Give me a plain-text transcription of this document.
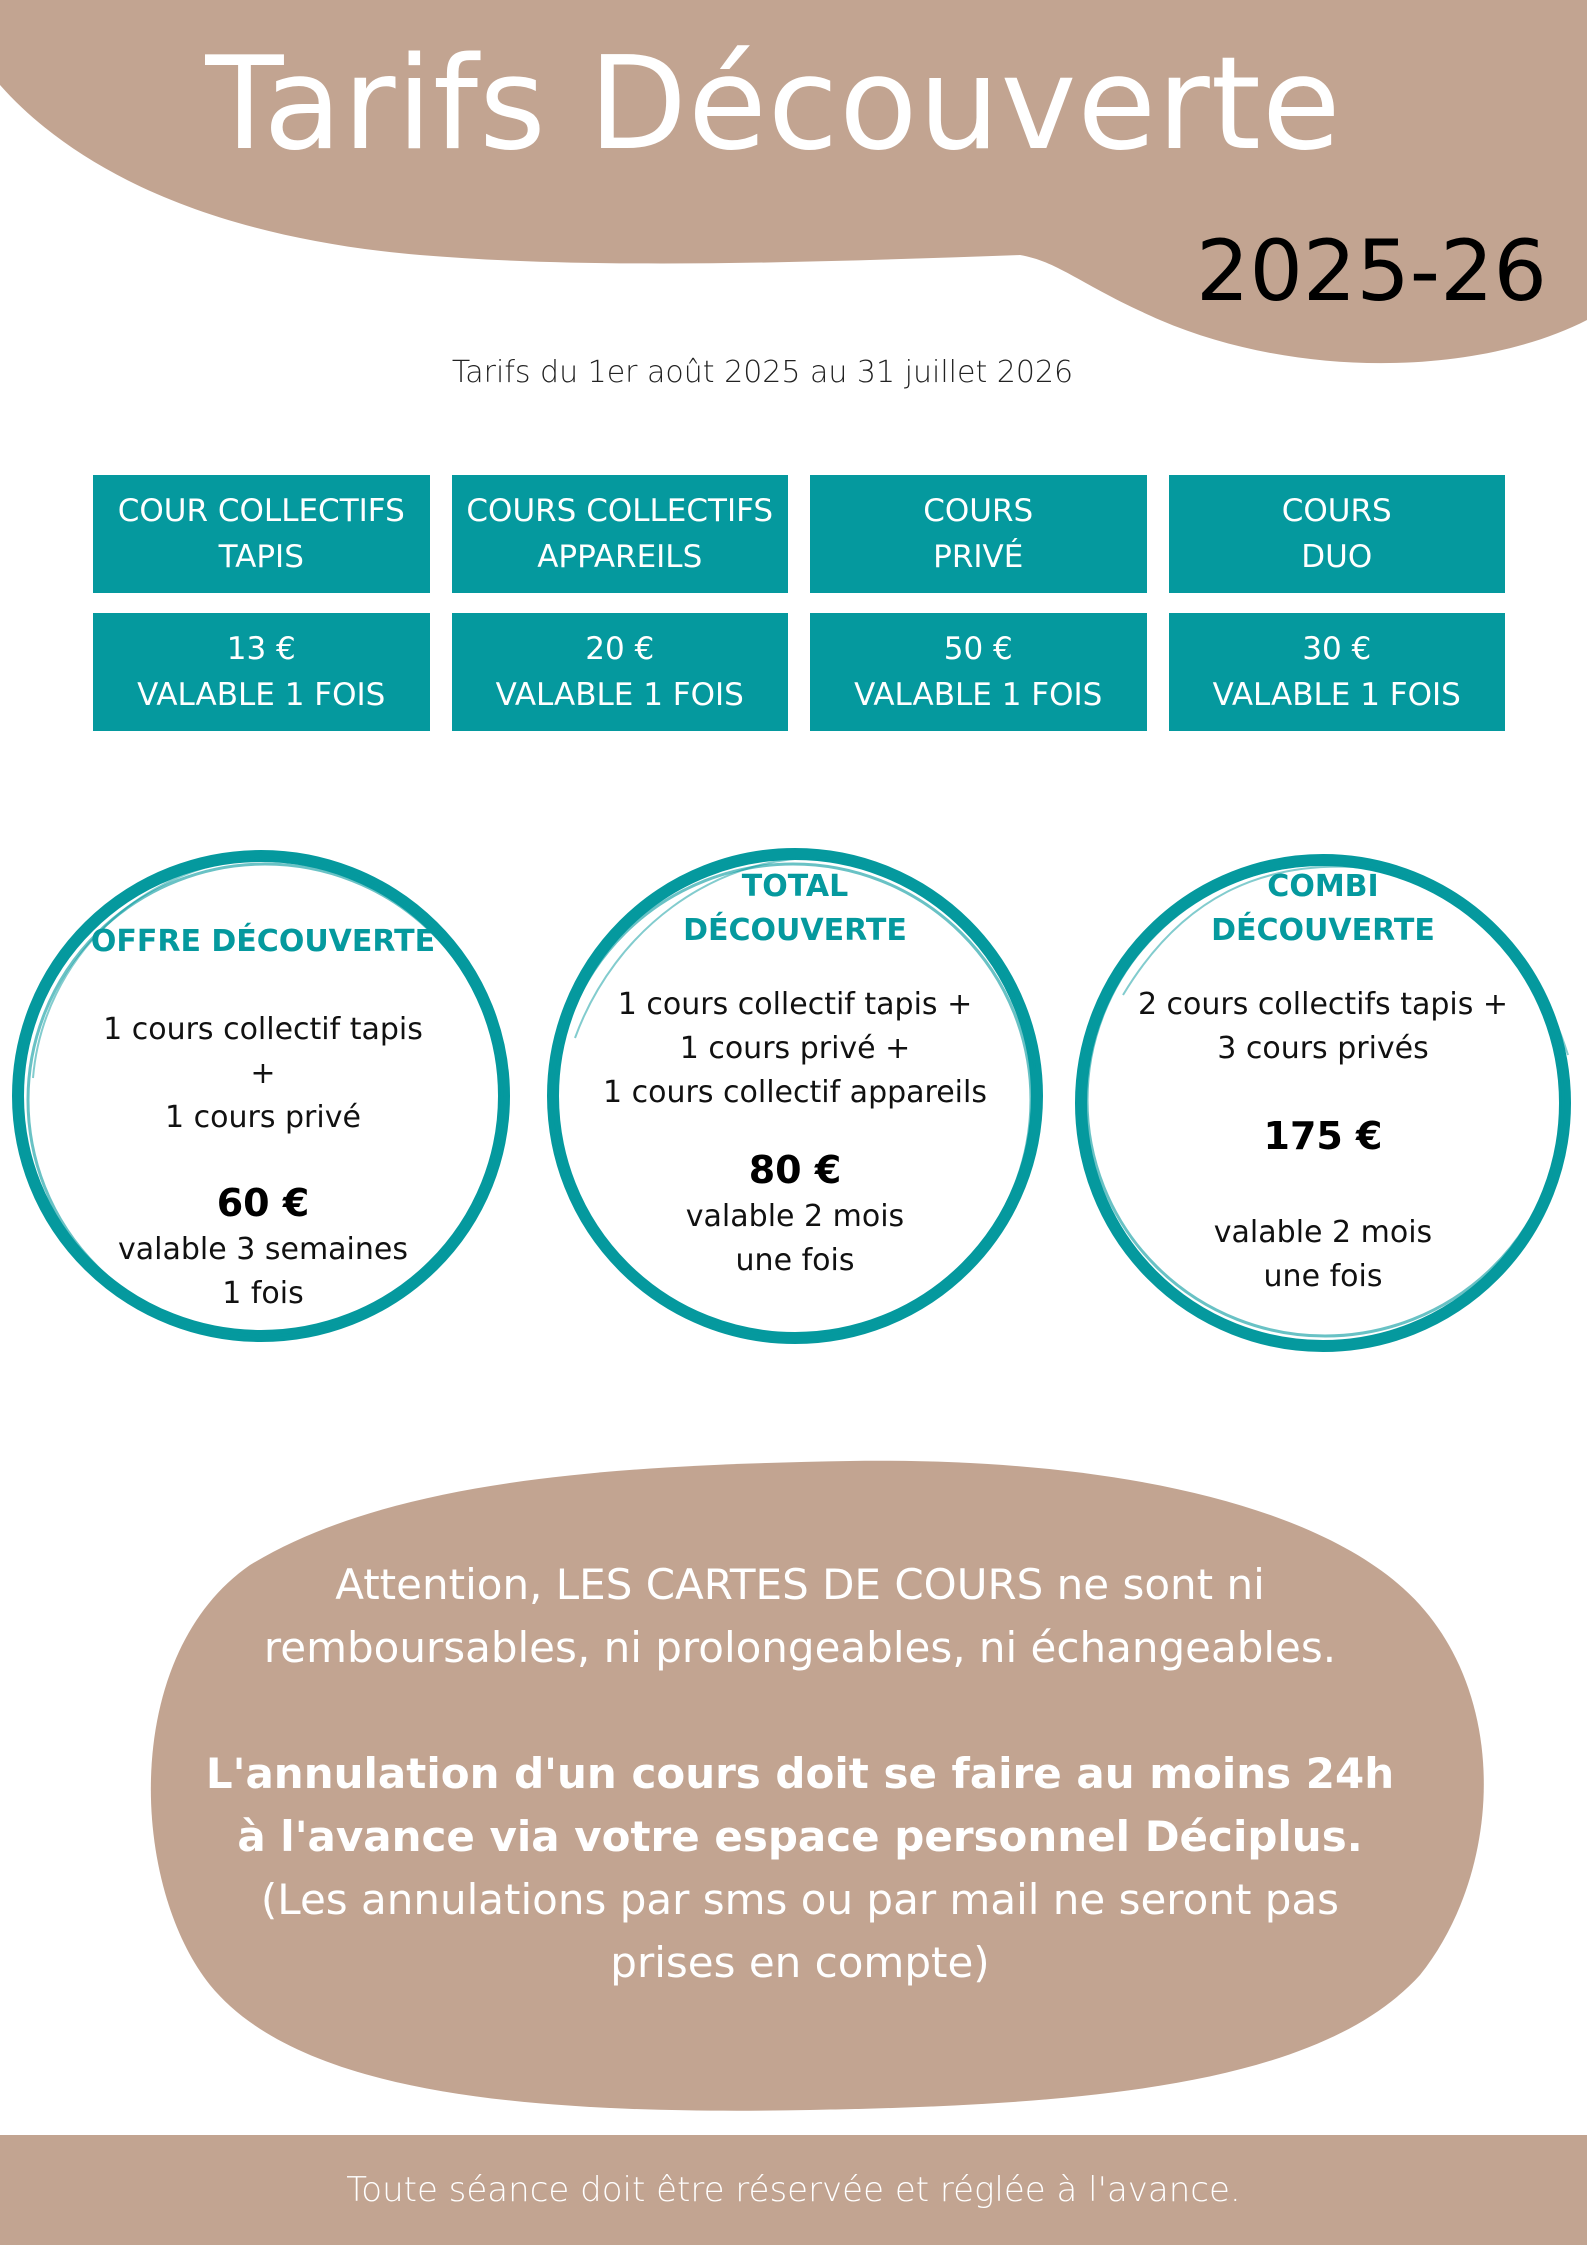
Tarifs Découverte
2025-26
Tarifs du 1er août 2025 au 31 juillet 2026
COUR COLLECTIFS
TAPIS
COURS COLLECTIFS
APPAREILS
COURS
PRIVÉ
COURS
DUO
13 €
VALABLE 1 FOIS
20 €
VALABLE 1 FOIS
50 €
VALABLE 1 FOIS
30 €
VALABLE 1 FOIS
OFFRE DÉCOUVERTE
1 cours collectif tapis
+
1 cours privé
60 €
valable 3 semaines
1 fois
TOTAL
DÉCOUVERTE
1 cours collectif tapis +
1 cours privé +
1 cours collectif appareils
80 €
valable 2 mois
une fois
COMBI
DÉCOUVERTE
2 cours collectifs tapis +
3 cours privés
175 €
valable 2 mois
une fois
Attention, LES CARTES DE COURS ne sont ni
remboursables, ni prolongeables, ni échangeables.
L'annulation d'un cours doit se faire au moins 24h
à l'avance via votre espace personnel Déciplus.
(Les annulations par sms ou par mail ne seront pas
prises en compte)
Toute séance doit être réservée et réglée à l'avance.
